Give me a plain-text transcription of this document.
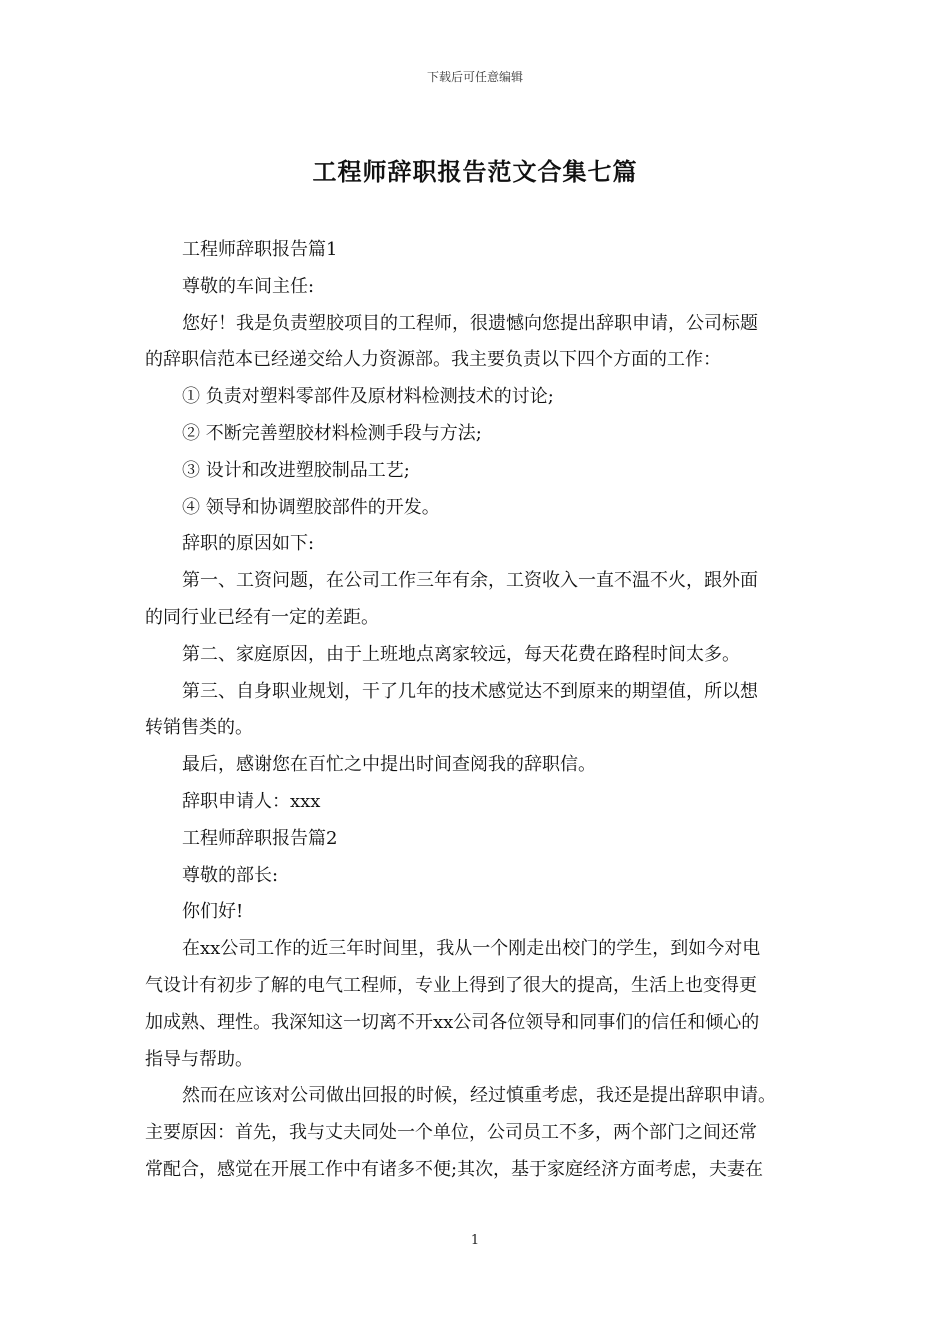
下载后可任意编辑
工程师辞职报告范文合集七篇

工程师辞职报告篇1

尊敬的车间主任:

您好！我是负责塑胶项目的工程师，很遗憾向您提出辞职申请，公司标题
的辞职信范本已经递交给人力资源部。我主要负责以下四个方面的工作：

① 负责对塑料零部件及原材料检测技术的讨论;

② 不断完善塑胶材料检测手段与方法;

③ 设计和改进塑胶制品工艺;

④ 领导和协调塑胶部件的开发。

辞职的原因如下:

第一、工资问题，在公司工作三年有余，工资收入一直不温不火，跟外面
的同行业已经有一定的差距。

第二、家庭原因，由于上班地点离家较远，每天花费在路程时间太多。

第三、自身职业规划，干了几年的技术感觉达不到原来的期望值，所以想
转销售类的。

最后，感谢您在百忙之中提出时间查阅我的辞职信。

辞职申请人：xxx

工程师辞职报告篇2

尊敬的部长:

你们好!

在xx公司工作的近三年时间里，我从一个刚走出校门的学生，到如今对电
气设计有初步了解的电气工程师，专业上得到了很大的提高，生活上也变得更
加成熟、理性。我深知这一切离不开xx公司各位领导和同事们的信任和倾心的
指导与帮助。

然而在应该对公司做出回报的时候，经过慎重考虑，我还是提出辞职申请。
主要原因：首先，我与丈夫同处一个单位，公司员工不多，两个部门之间还常
常配合，感觉在开展工作中有诸多不便;其次，基于家庭经济方面考虑，夫妻在

1
